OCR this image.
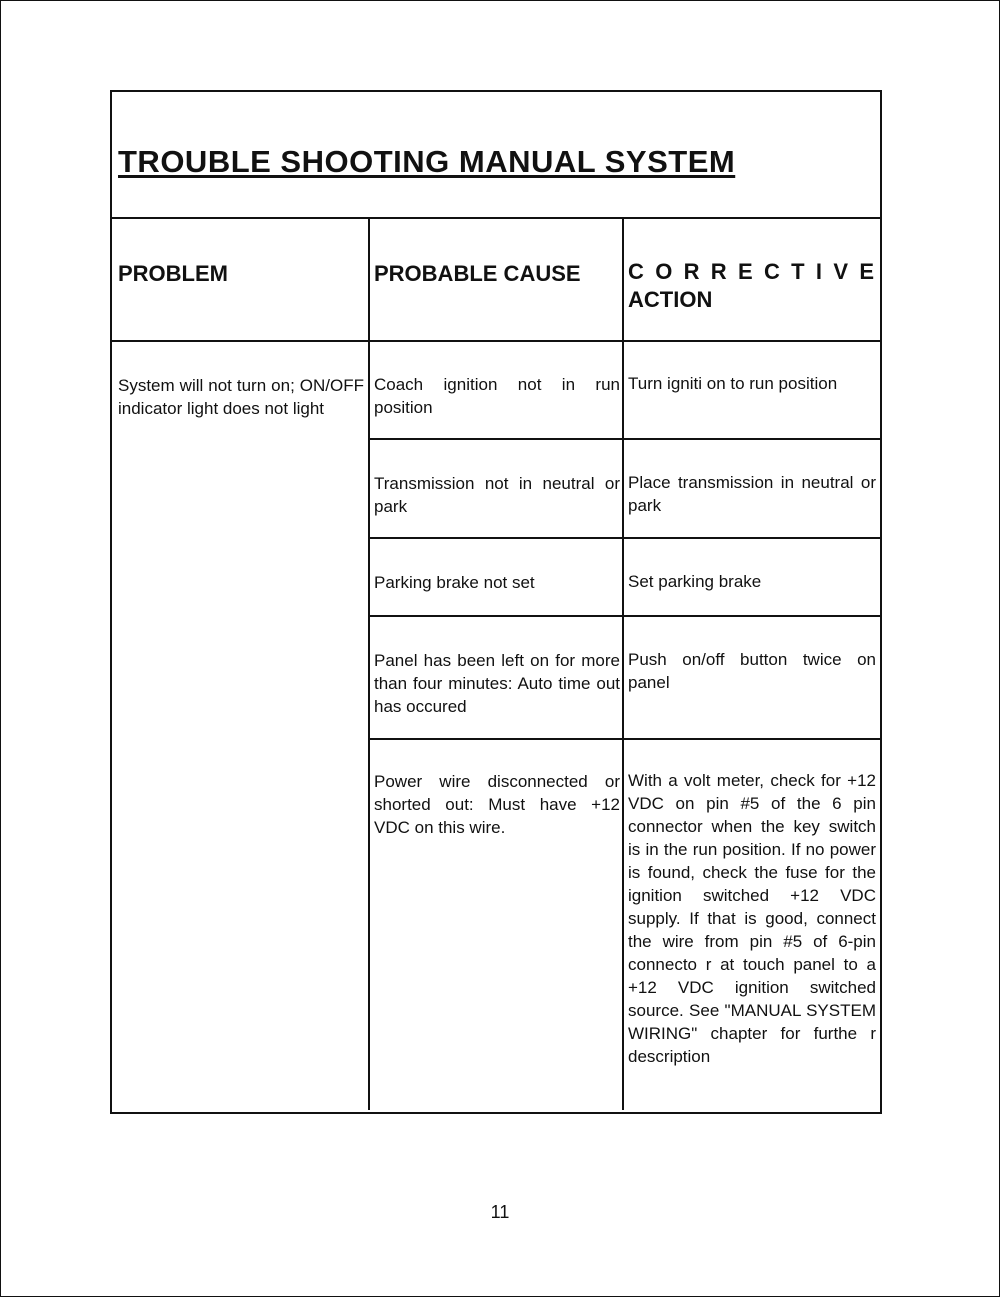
TROUBLE SHOOTING MANUAL SYSTEM
PROBLEM	PROBABLE CAUSE C O R R E C T I V E ACTION
System will not turn on; ON/OFF indicator light does not light
Coach ignition not in run position
Turn igniti on to run position
Transmission not in neutral or park
Place transmission in neutral or park
Parking brake not set	Set parking brake
Panel has been left on for more than four minutes: Auto time out has occured
Push on/off button twice on panel
Power wire disconnected or shorted out: Must have +12 VDC on this wire.
With a volt meter, check for +12 VDC on pin #5 of the 6 pin connector when the key switch is in the run position. If no power is found, check the fuse for the ignition switched +12 VDC supply. If that is good, connect the wire from pin #5 of 6-pin connecto r at touch panel to a +12 VDC ignition switched source. See "MANUAL SYSTEM WIRING" chapter for furthe r description
11
